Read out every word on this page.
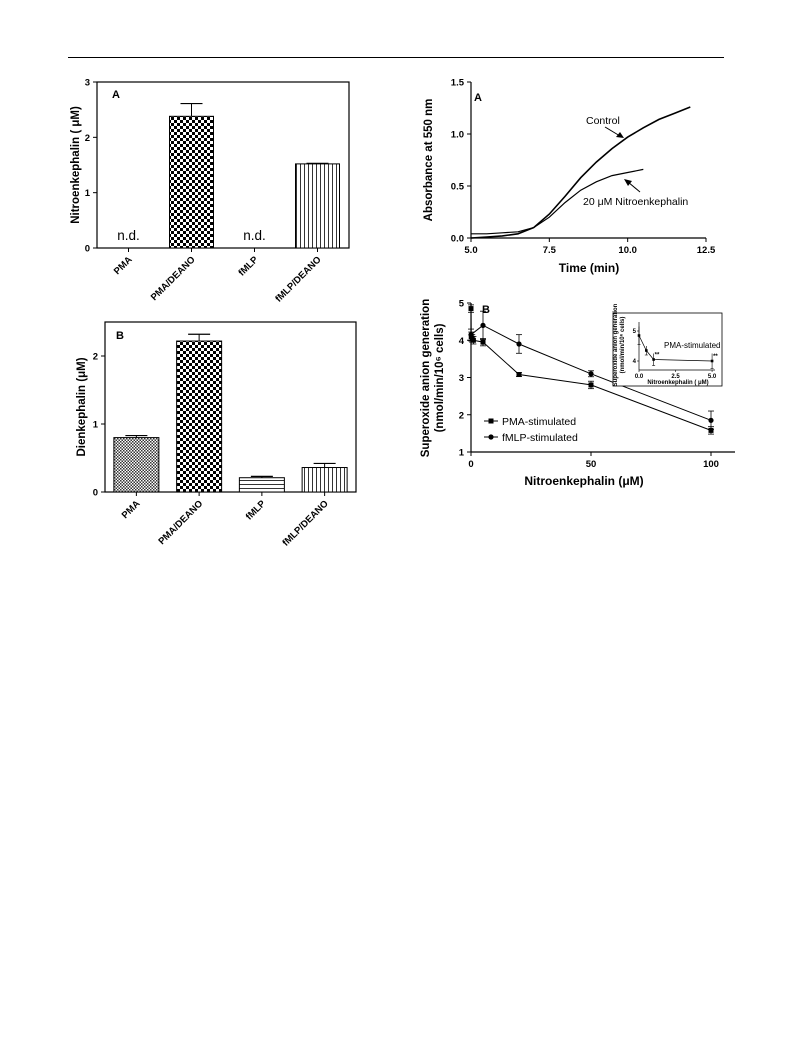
A
Nitroenkephalin ( μM)
0
1
2
3
n.d.	n.d.
PMA PMA/DEANO	fMLP fMLP/DEANO
B
Dienkephalin (μM)
0
1
2
PMA PMA/DEANO	fMLP fMLP/DEANO
A
Absorbance at 550 nm
Time (min)
Control
20 μM Nitroenkephalin
5.0	7.5	10.0	12.5
0.0
0.5
1.0
1.5
B
Superoxide anion generation (nmol/min/10⁶ cells)
Nitroenkephalin (μM)
0	50	100
1
2
3
4
5
PMA-stimulated
fMLP-stimulated
Superoxide anion generation (nmol/min/10⁶ cells)
Nitroenkephalin ( μM)
PMA-stimulated
0.0	2.5	5.0
4
5
**	**
